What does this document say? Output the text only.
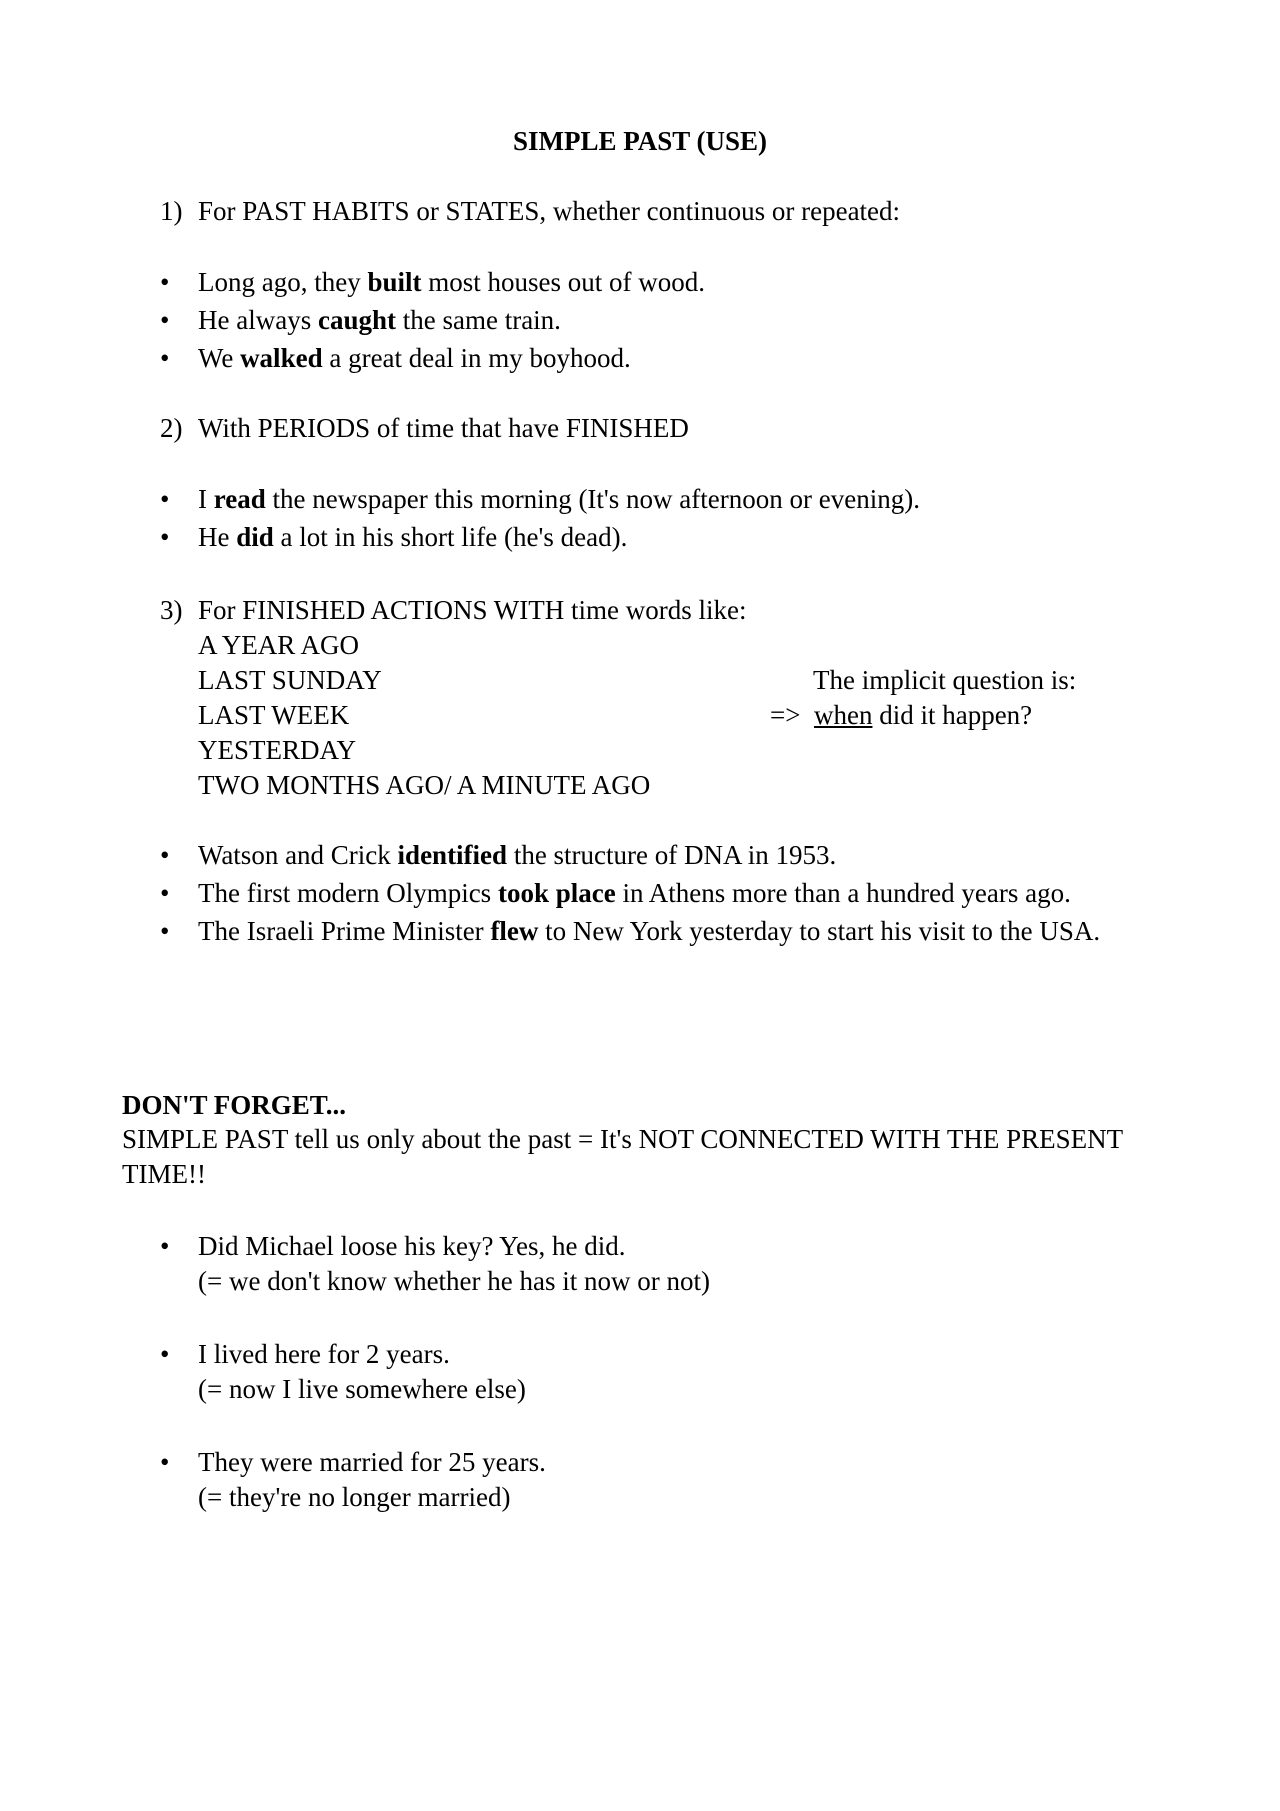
SIMPLE PAST (USE)
1) For PAST HABITS or STATES, whether continuous or repeated:
• Long ago, they built most houses out of wood.
• He always caught the same train.
• We walked a great deal in my boyhood.
2) With PERIODS of time that have FINISHED
• I read the newspaper this morning (It's now afternoon or evening).
• He did a lot in his short life (he's dead).
3) For FINISHED ACTIONS WITH time words like:
A YEAR AGO
LAST SUNDAY
LAST WEEK
YESTERDAY
TWO MONTHS AGO/ A MINUTE AGO
The implicit question is:
=> when did it happen?
• Watson and Crick identified the structure of DNA in 1953.
• The first modern Olympics took place in Athens more than a hundred years ago.
• The Israeli Prime Minister flew to New York yesterday to start his visit to the USA.
DON'T FORGET...
SIMPLE PAST tell us only about the past = It's NOT CONNECTED WITH THE PRESENT TIME!!
• Did Michael loose his key? Yes, he did.
(= we don't know whether he has it now or not)
• I lived here for 2 years.
(= now I live somewhere else)
• They were married for 25 years.
(= they're no longer married)
